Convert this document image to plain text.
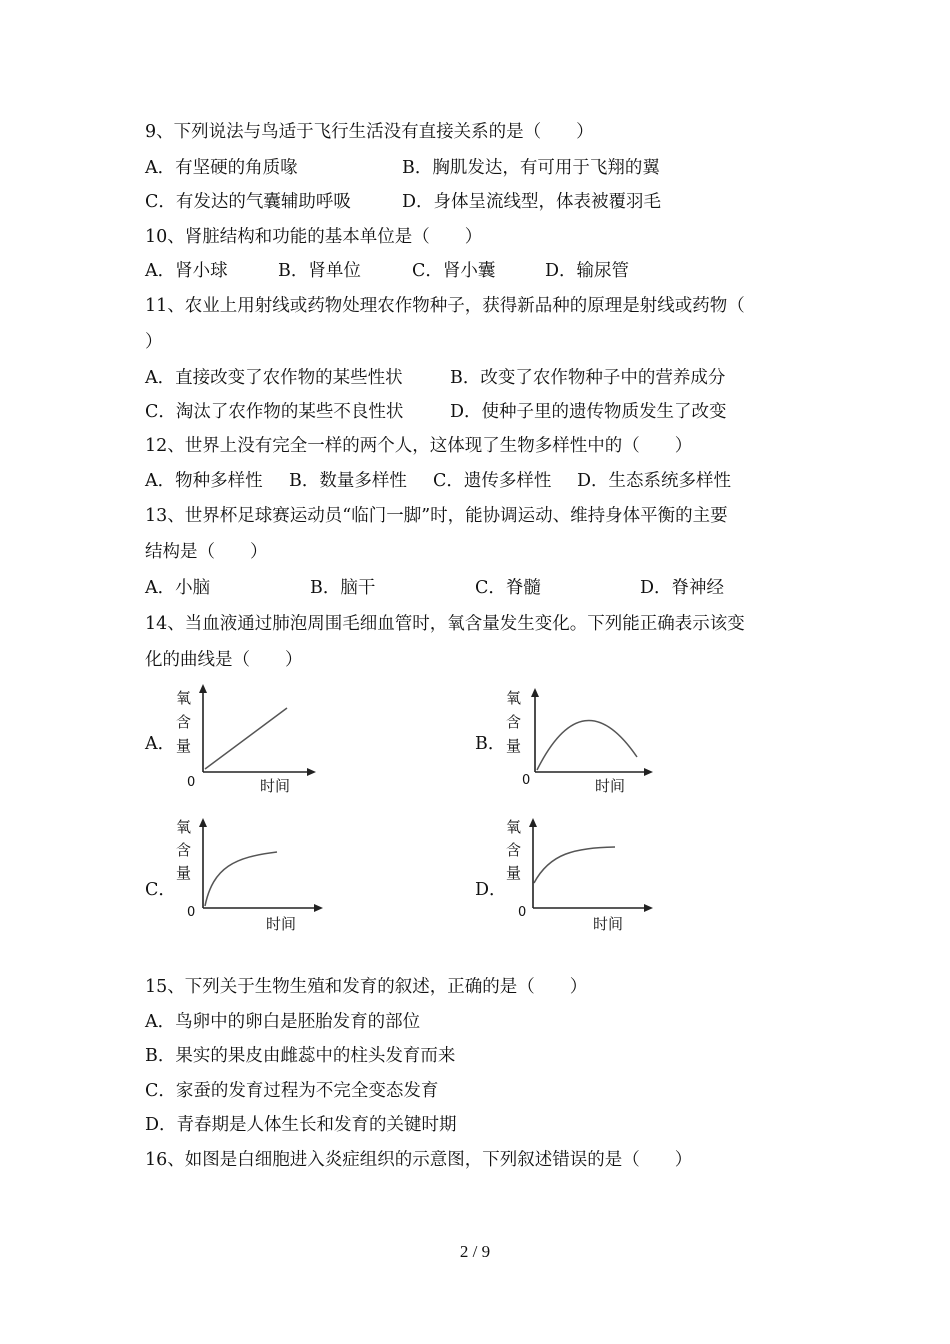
9、下列说法与鸟适于飞行生活没有直接关系的是（　　）
A．有坚硬的角质喙	B．胸肌发达，有可用于飞翔的翼
C．有发达的气囊辅助呼吸	D．身体呈流线型，体表被覆羽毛
10、肾脏结构和功能的基本单位是（　　）
A．肾小球	B．肾单位	C．肾小囊	D．输尿管
11、农业上用射线或药物处理农作物种子，获得新品种的原理是射线或药物（
）
A．直接改变了农作物的某些性状	B．改变了农作物种子中的营养成分
C．淘汰了农作物的某些不良性状	D．使种子里的遗传物质发生了改变
12、世界上没有完全一样的两个人，这体现了生物多样性中的（　　）
A．物种多样性 B．数量多样性 C．遗传多样性 D．生态系统多样性
13、世界杯足球赛运动员“临门一脚”时，能协调运动、维持身体平衡的主要
结构是（　　）
A．小脑	B．脑干	C．脊髓	D．脊神经
14、当血液通过肺泡周围毛细血管时，氧含量发生变化。下列能正确表示该变
化的曲线是（　　）
A．
氧
含
量
0	时间
B．
氧
含
量
0	时间
C．
氧
含
量
0
时间
D．
氧
含
量
0
时间
15、下列关于生物生殖和发育的叙述，正确的是（　　）
A．鸟卵中的卵白是胚胎发育的部位
B．果实的果皮由雌蕊中的柱头发育而来
C．家蚕的发育过程为不完全变态发育
D．青春期是人体生长和发育的关键时期
16、如图是白细胞进入炎症组织的示意图，下列叙述错误的是（　　）
2 / 9
